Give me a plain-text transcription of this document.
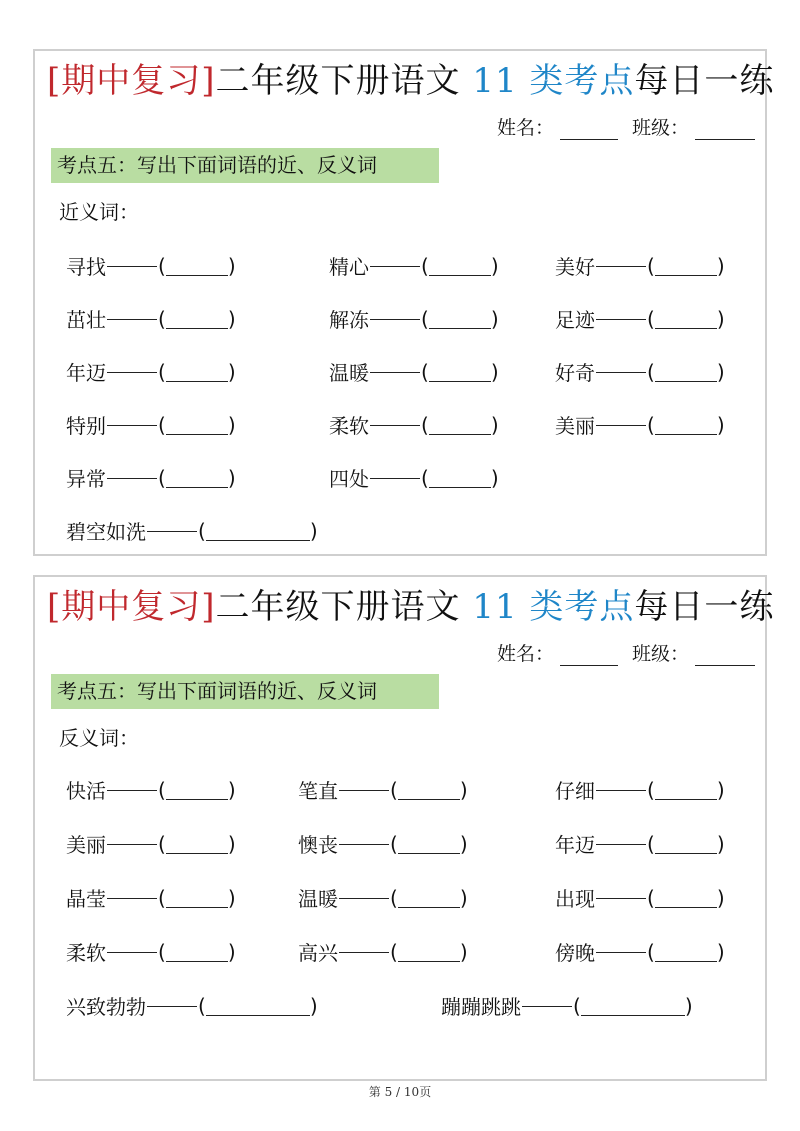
[期中复习]二年级下册语文 11 类考点每日一练
姓名：	班级：
考点五：写出下面词语的近、反义词
近义词：
寻找	(	)	精心	(	)	美好	(	)
茁壮	(	)	解冻	(	)	足迹	(	)
年迈	(	)	温暖	(	)	好奇	(	)
特别	(	)	柔软	(	)	美丽	(	)
异常	(	)	四处	(	)
碧空如洗	(	)
[期中复习]二年级下册语文 11 类考点每日一练
姓名：	班级：
考点五：写出下面词语的近、反义词
反义词：
快活	(	)	笔直	(	)	仔细	(	)
美丽	(	)	懊丧	(	)	年迈	(	)
晶莹	(	)	温暖	(	)	出现	(	)
柔软	(	)	高兴	(	)	傍晚	(	)
兴致勃勃	(	)	蹦蹦跳跳	(	)
第 5 / 10页
